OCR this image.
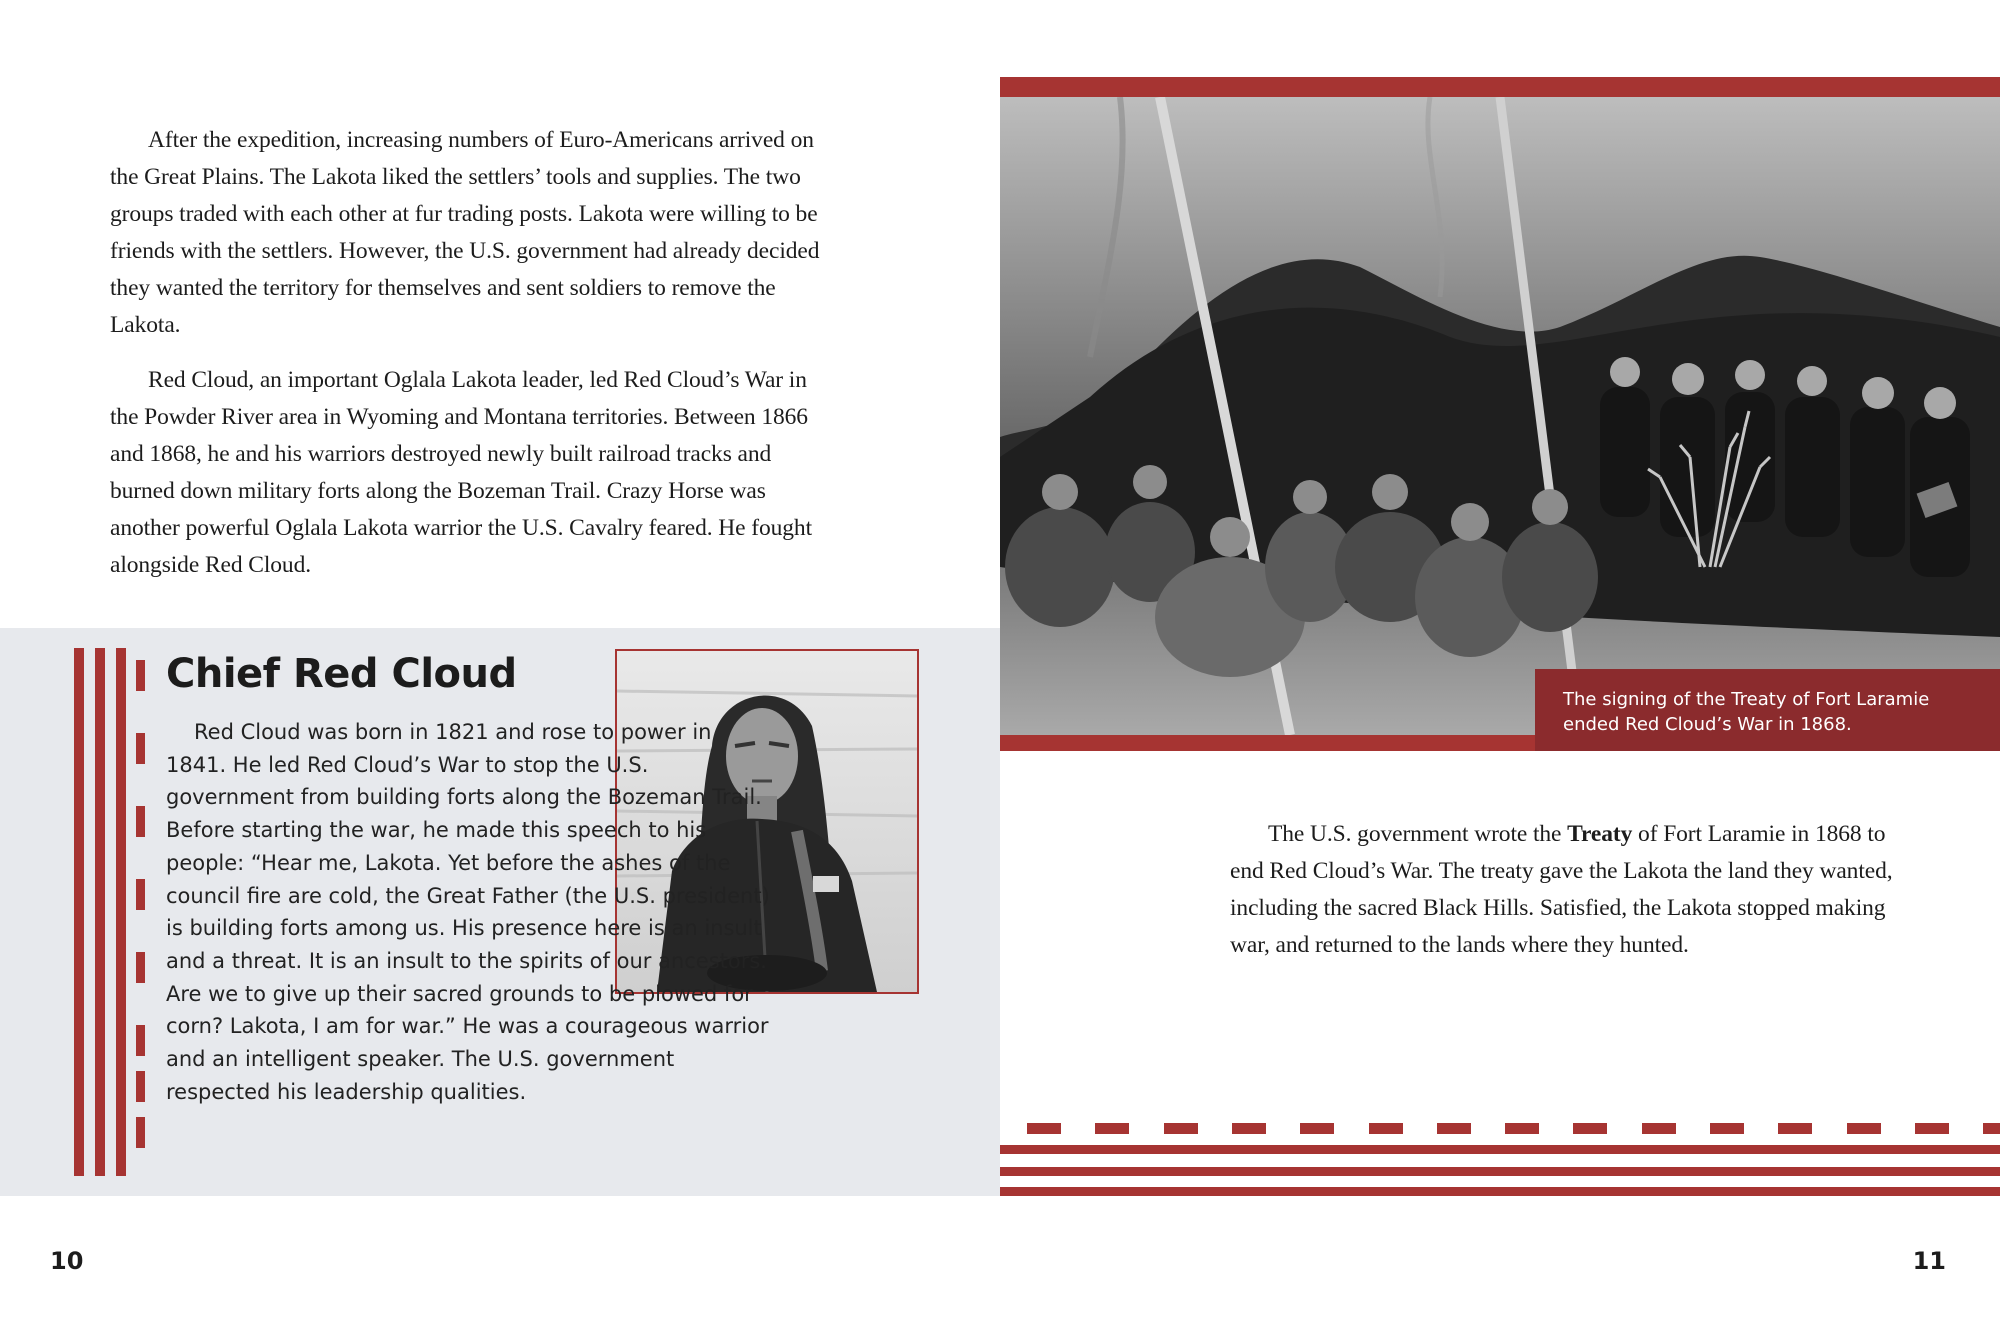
After the expedition, increasing numbers of Euro-Americans arrived on the Great Plains. The Lakota liked the settlers’ tools and supplies. The two groups traded with each other at fur trading posts. Lakota were willing to be friends with the settlers. However, the U.S. government had already decided they wanted the territory for themselves and sent soldiers to remove the Lakota.

Red Cloud, an important Oglala Lakota leader, led Red Cloud’s War in the Powder River area in Wyoming and Montana territories. Between 1866 and 1868, he and his warriors destroyed newly built railroad tracks and burned down military forts along the Bozeman Trail. Crazy Horse was another powerful Oglala Lakota warrior the U.S. Cavalry feared. He fought alongside Red Cloud.

Chief Red Cloud

Red Cloud was born in 1821 and rose to power in 1841. He led Red Cloud’s War to stop the U.S. government from building forts along the Bozeman Trail. Before starting the war, he made this speech to his people: “Hear me, Lakota. Yet before the ashes of the council fire are cold, the Great Father (the U.S. president) is building forts among us. His presence here is an insult and a threat. It is an insult to the spirits of our ancestors. Are we to give up their sacred grounds to be plowed for corn? Lakota, I am for war.” He was a courageous warrior and an intelligent speaker. The U.S. government respected his leadership qualities.

The signing of the Treaty of Fort Laramie ended Red Cloud’s War in 1868.

The U.S. government wrote the Treaty of Fort Laramie in 1868 to end Red Cloud’s War. The treaty gave the Lakota the land they wanted, including the sacred Black Hills. Satisfied, the Lakota stopped making war, and returned to the lands where they hunted.

10	11
